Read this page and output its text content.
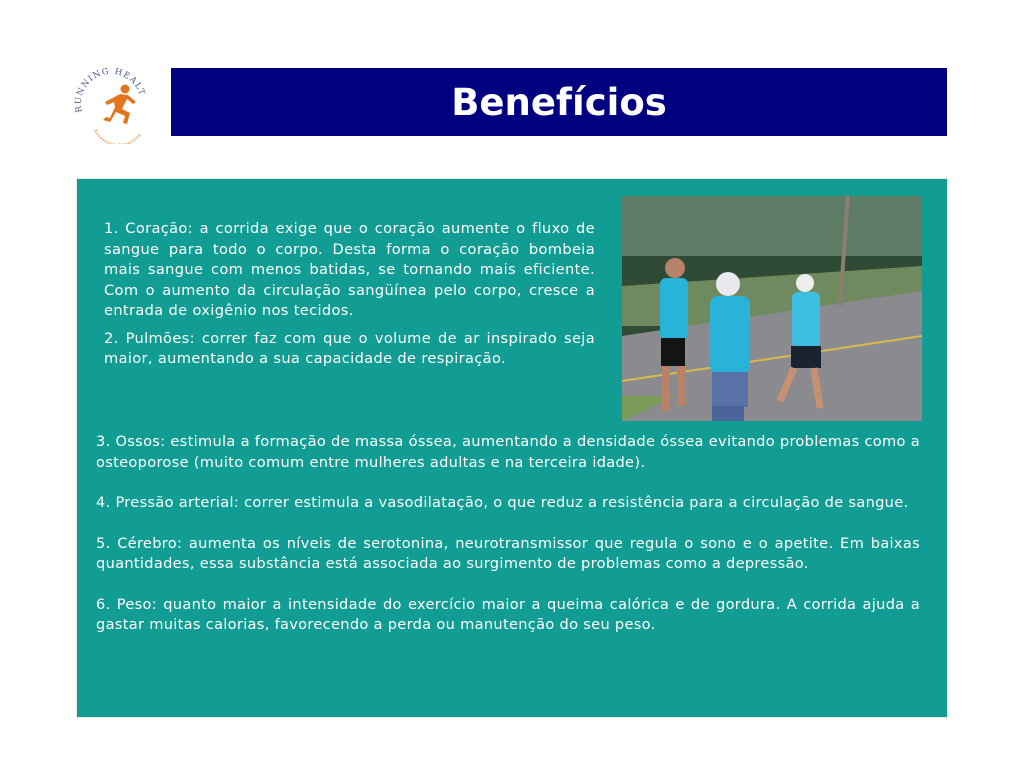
RUNNING HEALT
Assesso ortiva
Benefícios

1. Coração: a corrida exige que o coração aumente o fluxo de sangue para todo o corpo. Desta forma o coração bombeia mais sangue com menos batidas, se tornando mais eficiente. Com o aumento da circulação sangüínea pelo corpo, cresce a entrada de oxigênio nos tecidos.

2. Pulmões: correr faz com que o volume de ar inspirado seja maior, aumentando a sua capacidade de respiração.

3. Ossos: estimula a formação de massa óssea, aumentando a densidade óssea evitando problemas como a osteoporose (muito comum entre mulheres adultas e na terceira idade).

4. Pressão arterial: correr estimula a vasodilatação, o que reduz a resistência para a circulação de sangue.

5. Cérebro: aumenta os níveis de serotonina, neurotransmissor que regula o sono e o apetite. Em baixas quantidades, essa substância está associada ao surgimento de problemas como a depressão.

6. Peso: quanto maior a intensidade do exercício maior a queima calórica e de gordura. A corrida ajuda a gastar muitas calorias, favorecendo a perda ou manutenção do seu peso.
